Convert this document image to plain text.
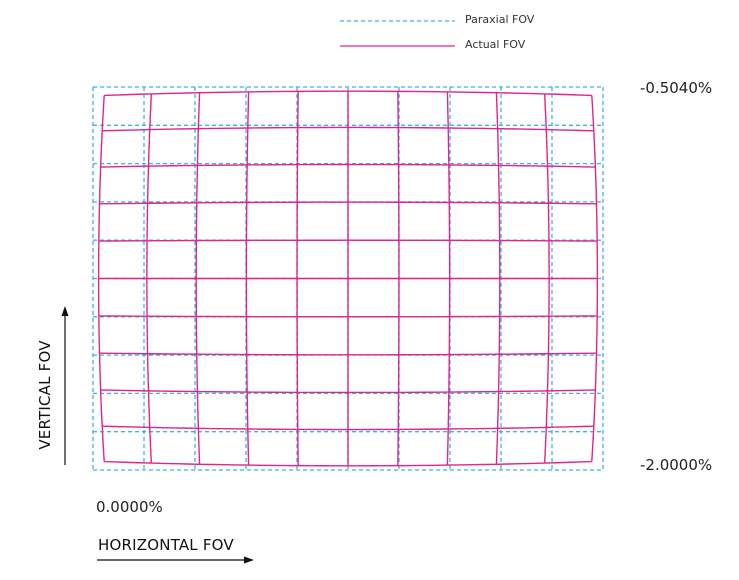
Paraxial FOV
Actual FOV
-0.5040%
-2.0000%
0.0000%
HORIZONTAL FOV
VERTICAL FOV
